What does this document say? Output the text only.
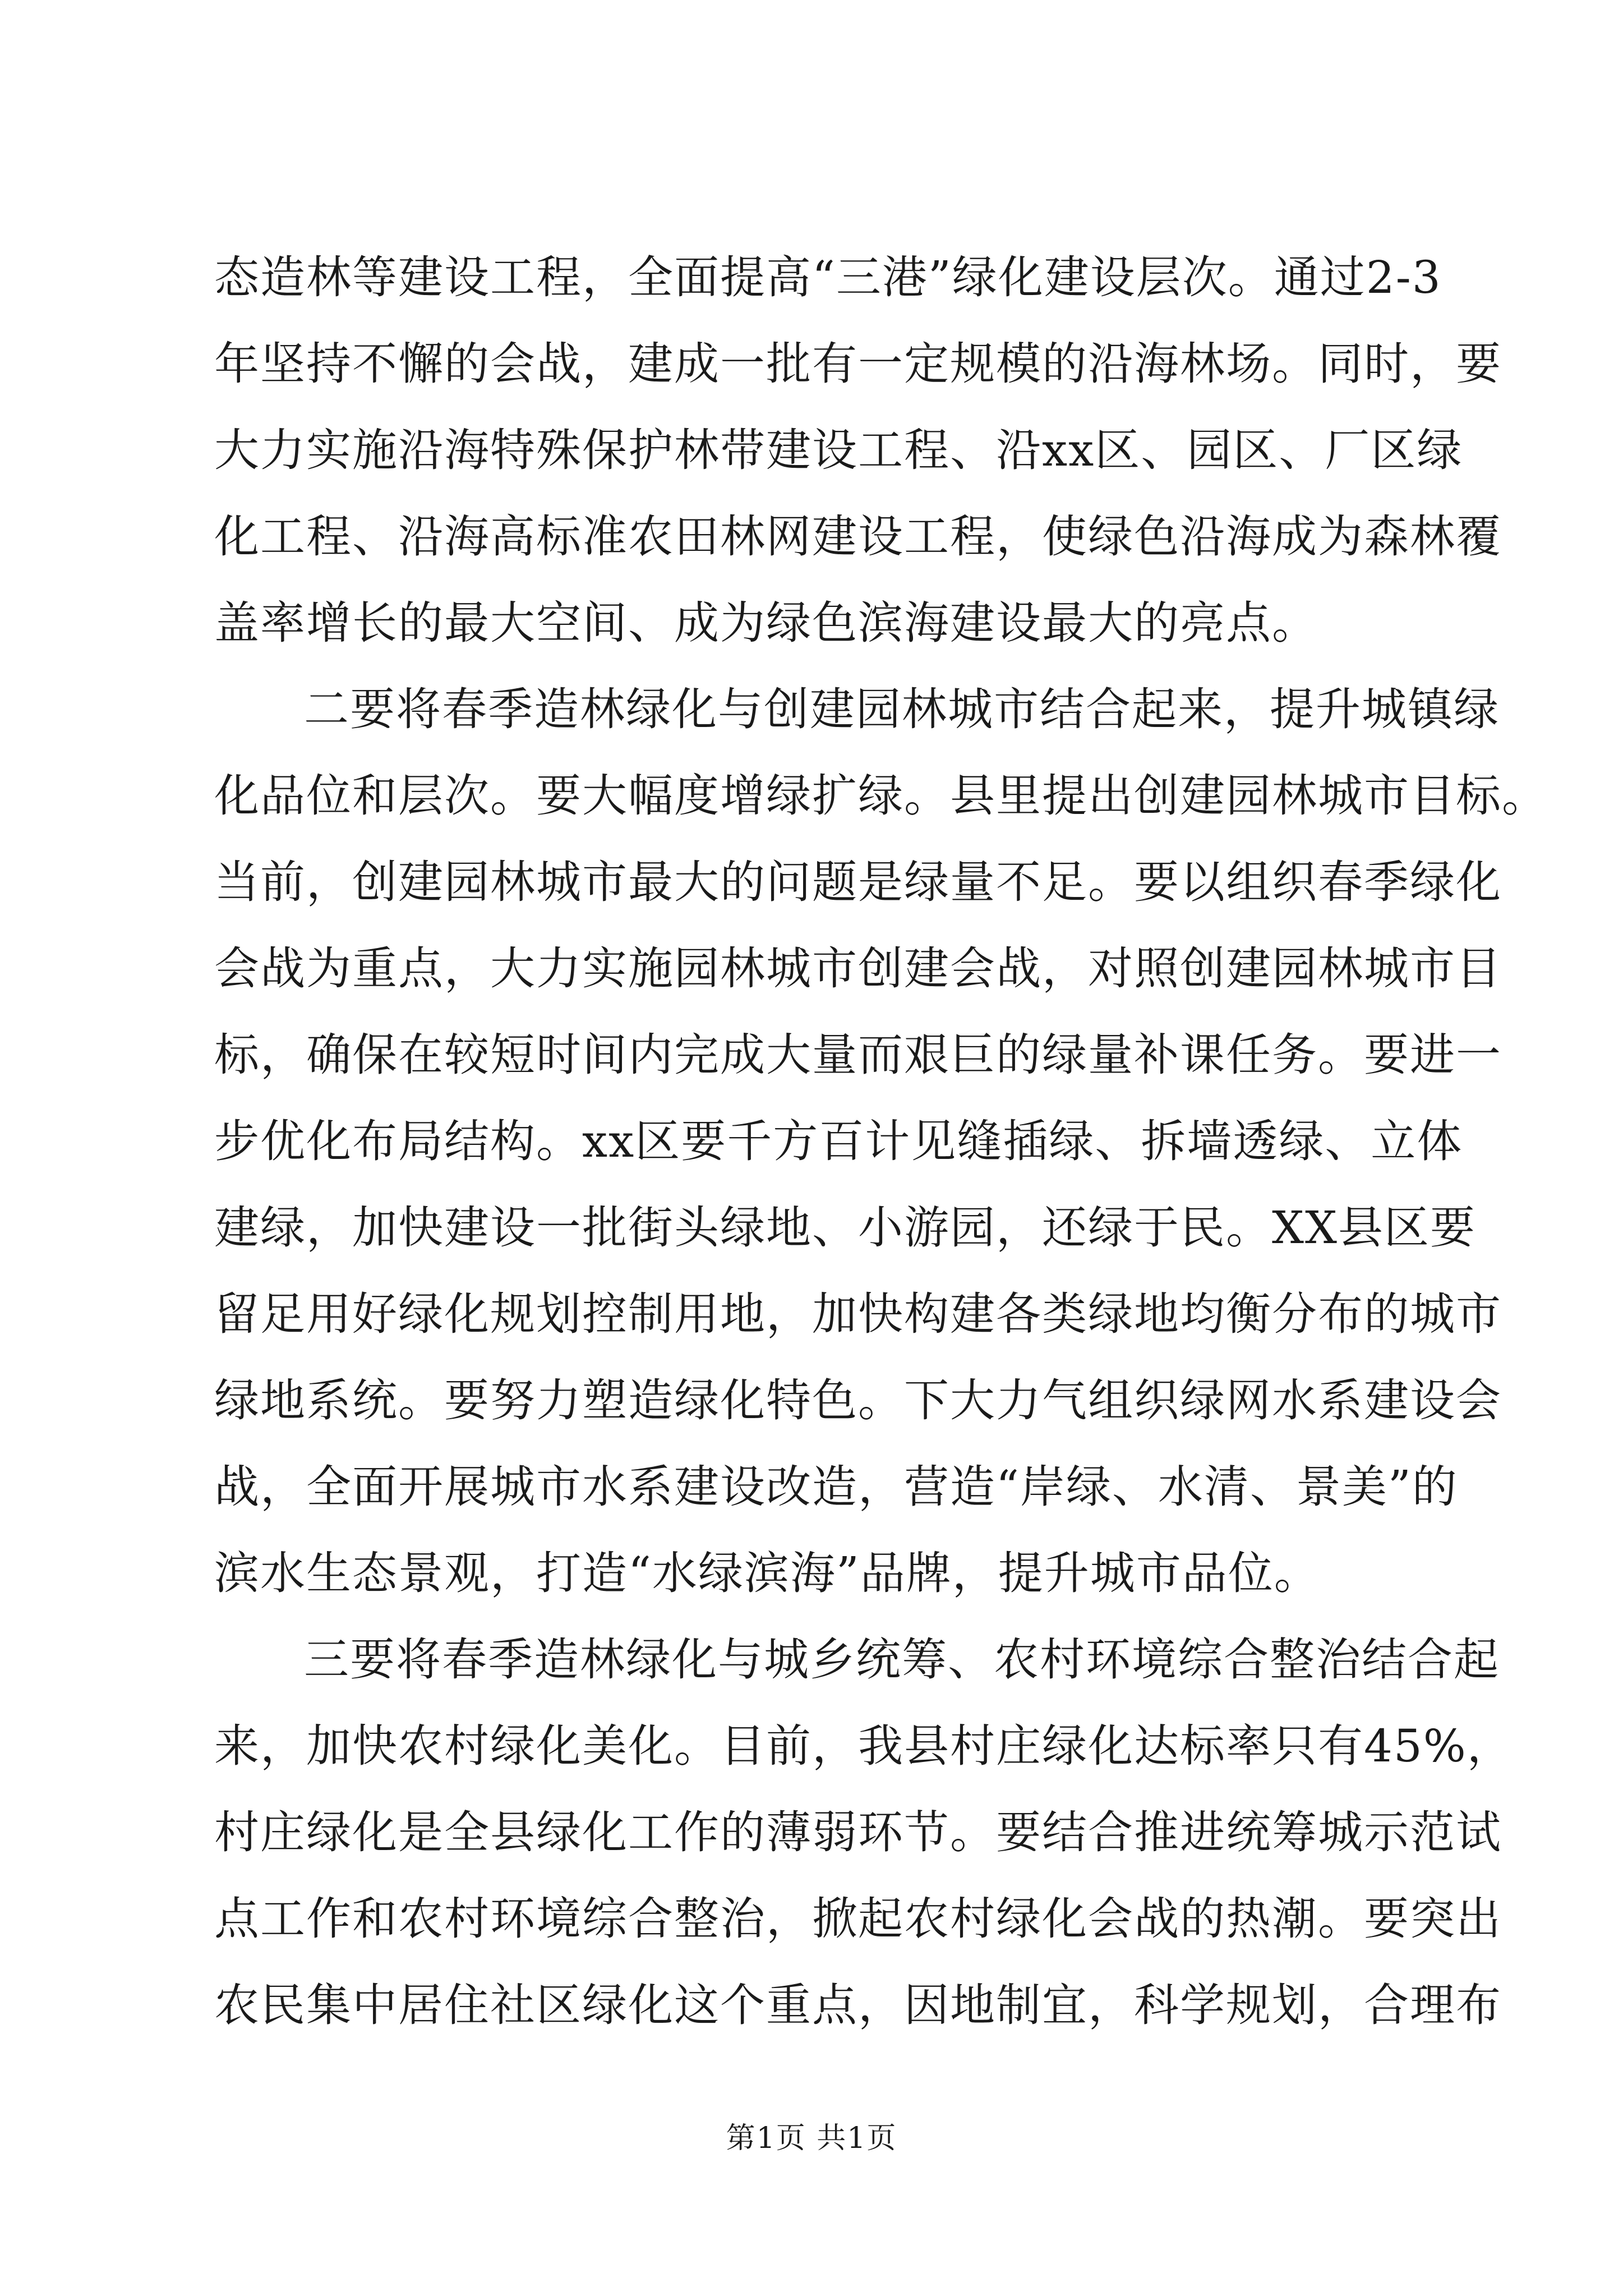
态造林等建设工程，全面提高“三港”绿化建设层次。通过2-3
年坚持不懈的会战，建成一批有一定规模的沿海林场。同时，要
大力实施沿海特殊保护林带建设工程、沿xx区、园区、厂区绿
化工程、沿海高标准农田林网建设工程，使绿色沿海成为森林覆
盖率增长的最大空间、成为绿色滨海建设最大的亮点。
二要将春季造林绿化与创建园林城市结合起来，提升城镇绿
化品位和层次。要大幅度增绿扩绿。县里提出创建园林城市目标。
当前，创建园林城市最大的问题是绿量不足。要以组织春季绿化
会战为重点，大力实施园林城市创建会战，对照创建园林城市目
标，确保在较短时间内完成大量而艰巨的绿量补课任务。要进一
步优化布局结构。xx区要千方百计见缝插绿、拆墙透绿、立体
建绿，加快建设一批街头绿地、小游园，还绿于民。XX县区要
留足用好绿化规划控制用地，加快构建各类绿地均衡分布的城市
绿地系统。要努力塑造绿化特色。下大力气组织绿网水系建设会
战，全面开展城市水系建设改造，营造“岸绿、水清、景美”的
滨水生态景观，打造“水绿滨海”品牌，提升城市品位。
三要将春季造林绿化与城乡统筹、农村环境综合整治结合起
来，加快农村绿化美化。目前，我县村庄绿化达标率只有45%，
村庄绿化是全县绿化工作的薄弱环节。要结合推进统筹城示范试
点工作和农村环境综合整治，掀起农村绿化会战的热潮。要突出
农民集中居住社区绿化这个重点，因地制宜，科学规划，合理布
第1页 共1页
